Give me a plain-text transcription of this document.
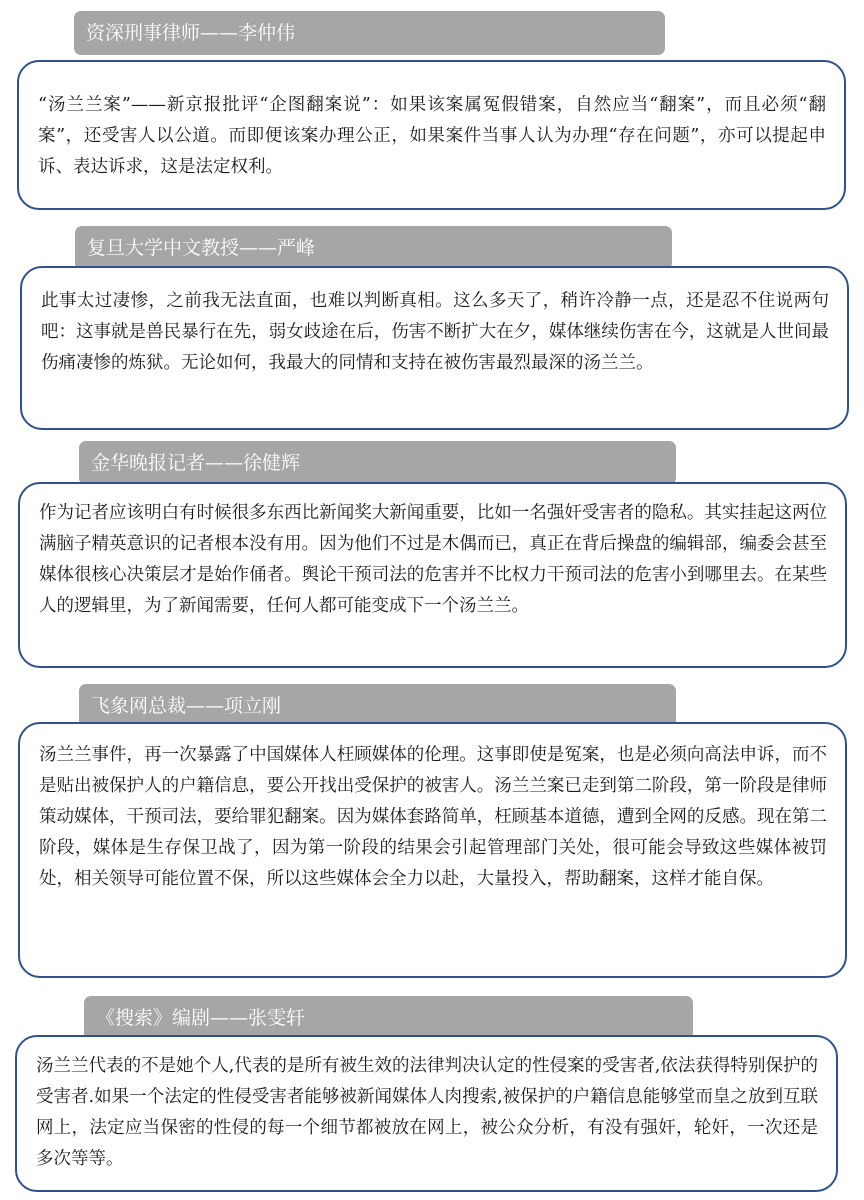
资深刑事律师——李仲伟
“汤兰兰案”——新京报批评“企图翻案说”：如果该案属冤假错案，自然应当“翻案”，而且必须“翻案”，还受害人以公道。而即便该案办理公正，如果案件当事人认为办理“存在问题”，亦可以提起申诉、表达诉求，这是法定权利。
复旦大学中文教授——严峰
此事太过凄惨，之前我无法直面，也难以判断真相。这么多天了，稍许冷静一点，还是忍不住说两句吧：这事就是兽民暴行在先，弱女歧途在后，伤害不断扩大在夕，媒体继续伤害在今，这就是人世间最伤痛凄惨的炼狱。无论如何，我最大的同情和支持在被伤害最烈最深的汤兰兰。
金华晚报记者——徐健辉
作为记者应该明白有时候很多东西比新闻奖大新闻重要，比如一名强奸受害者的隐私。其实挂起这两位满脑子精英意识的记者根本没有用。因为他们不过是木偶而已，真正在背后操盘的编辑部，编委会甚至媒体很核心决策层才是始作俑者。舆论干预司法的危害并不比权力干预司法的危害小到哪里去。在某些人的逻辑里，为了新闻需要，任何人都可能变成下一个汤兰兰。
飞象网总裁——项立刚
汤兰兰事件，再一次暴露了中国媒体人枉顾媒体的伦理。这事即使是冤案，也是必须向高法申诉，而不是贴出被保护人的户籍信息，要公开找出受保护的被害人。汤兰兰案已走到第二阶段，第一阶段是律师策动媒体，干预司法，要给罪犯翻案。因为媒体套路简单，枉顾基本道德，遭到全网的反感。现在第二阶段，媒体是生存保卫战了，因为第一阶段的结果会引起管理部门关处，很可能会导致这些媒体被罚处，相关领导可能位置不保，所以这些媒体会全力以赴，大量投入，帮助翻案，这样才能自保。
《搜索》编剧——张雯轩
汤兰兰代表的不是她个人,代表的是所有被生效的法律判决认定的性侵案的受害者,依法获得特别保护的受害者.如果一个法定的性侵受害者能够被新闻媒体人肉搜索,被保护的户籍信息能够堂而皇之放到互联网上，法定应当保密的性侵的每一个细节都被放在网上，被公众分析，有没有强奸，轮奸，一次还是多次等等。
